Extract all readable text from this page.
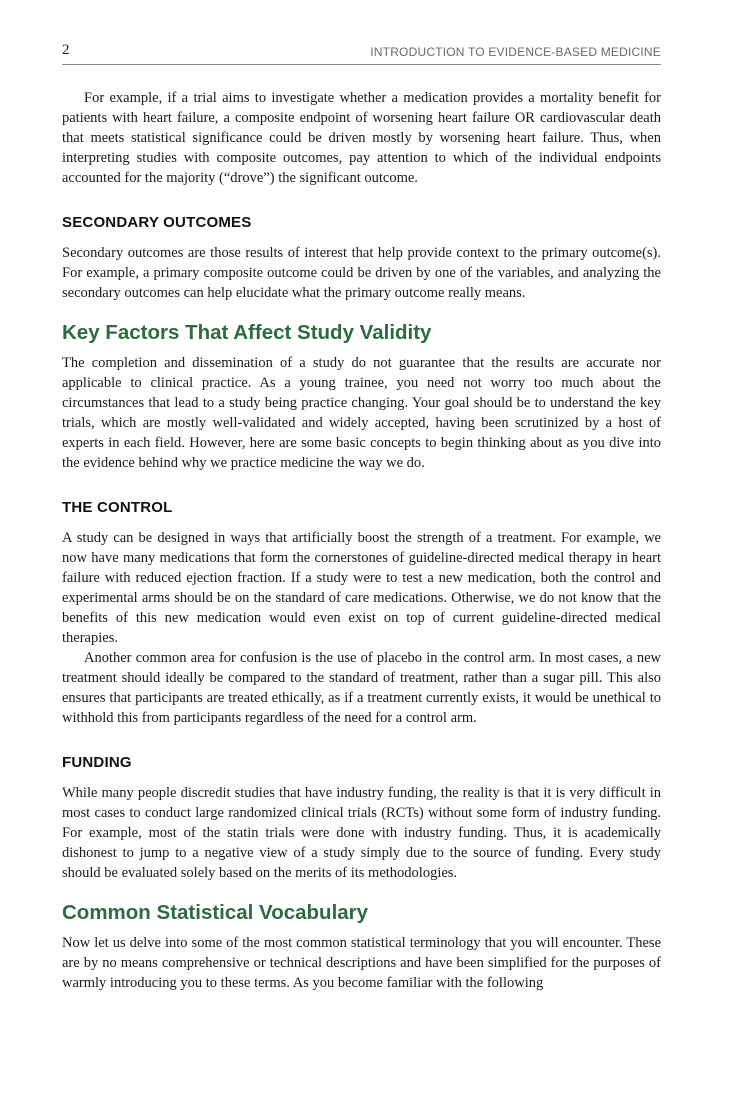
2	INTRODUCTION TO EVIDENCE-BASED MEDICINE

For example, if a trial aims to investigate whether a medication provides a mortality benefit for patients with heart failure, a composite endpoint of worsening heart failure OR cardiovascular death that meets statistical significance could be driven mostly by worsening heart failure. Thus, when interpreting studies with composite outcomes, pay attention to which of the individual endpoints accounted for the majority (“drove”) the significant outcome.

SECONDARY OUTCOMES

Secondary outcomes are those results of interest that help provide context to the primary outcome(s). For example, a primary composite outcome could be driven by one of the variables, and analyzing the secondary outcomes can help elucidate what the primary outcome really means.

Key Factors That Affect Study Validity

The completion and dissemination of a study do not guarantee that the results are accurate nor applicable to clinical practice. As a young trainee, you need not worry too much about the circumstances that lead to a study being practice changing. Your goal should be to understand the key trials, which are mostly well-validated and widely accepted, having been scrutinized by a host of experts in each field. However, here are some basic concepts to begin thinking about as you dive into the evidence behind why we practice medicine the way we do.

THE CONTROL

A study can be designed in ways that artificially boost the strength of a treatment. For example, we now have many medications that form the cornerstones of guideline-directed medical therapy in heart failure with reduced ejection fraction. If a study were to test a new medication, both the control and experimental arms should be on the standard of care medications. Otherwise, we do not know that the benefits of this new medication would even exist on top of current guideline-directed medical therapies.

Another common area for confusion is the use of placebo in the control arm. In most cases, a new treatment should ideally be compared to the standard of treatment, rather than a sugar pill. This also ensures that participants are treated ethically, as if a treatment currently exists, it would be unethical to withhold this from participants regardless of the need for a control arm.

FUNDING

While many people discredit studies that have industry funding, the reality is that it is very difficult in most cases to conduct large randomized clinical trials (RCTs) without some form of industry funding. For example, most of the statin trials were done with industry funding. Thus, it is academically dishonest to jump to a negative view of a study simply due to the source of funding. Every study should be evaluated solely based on the merits of its methodologies.

Common Statistical Vocabulary

Now let us delve into some of the most common statistical terminology that you will encounter. These are by no means comprehensive or technical descriptions and have been simplified for the purposes of warmly introducing you to these terms. As you become familiar with the following
